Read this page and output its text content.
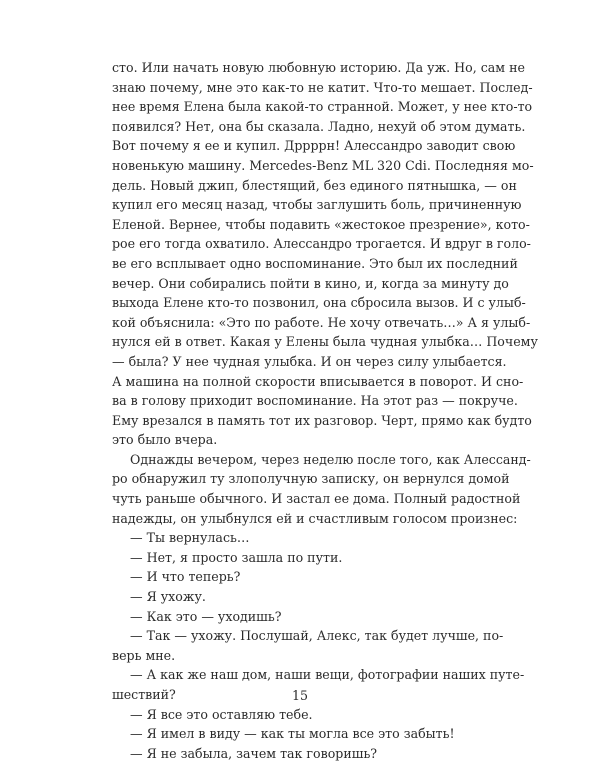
сто. Или начать новую любовную историю. Да уж. Но, сам не
знаю почему, мне это как-то не катит. Что-то мешает. Послед-
нее время Елена была какой-то странной. Может, у нее кто-то
появился? Нет, она бы сказала. Ладно, нехуй об этом думать.
Вот почему я ее и купил. Дррррн! Алессандро заводит свою
новенькую машину. Mercedes-Benz ML 320 Cdi. Последняя мо-
дель. Новый джип, блестящий, без единого пятнышка, — он
купил его месяц назад, чтобы заглушить боль, причиненную
Еленой. Вернее, чтобы подавить «жестокое презрение», кото-
рое его тогда охватило. Алессандро трогается. И вдруг в голо-
ве его всплывает одно воспоминание. Это был их последний
вечер. Они собирались пойти в кино, и, когда за минуту до
выхода Елене кто-то позвонил, она сбросила вызов. И с улыб-
кой объяснила: «Это по работе. Не хочу отвечать…» А я улыб-
нулся ей в ответ. Какая у Елены была чудная улыбка… Почему
— была? У нее чудная улыбка. И он через силу улыбается.
А машина на полной скорости вписывается в поворот. И сно-
ва в голову приходит воспоминание. На этот раз — покруче.
Ему врезался в память тот их разговор. Черт, прямо как будто
это было вчера.
Однажды вечером, через неделю после того, как Алессанд-
ро обнаружил ту злополучную записку, он вернулся домой
чуть раньше обычного. И застал ее дома. Полный радостной
надежды, он улыбнулся ей и счастливым голосом произнес:
— Ты вернулась…
— Нет, я просто зашла по пути.
— И что теперь?
— Я ухожу.
— Как это — уходишь?
— Так — ухожу. Послушай, Алекс, так будет лучше, по-
верь мне.
— А как же наш дом, наши вещи, фотографии наших путе-
шествий?
— Я все это оставляю тебе.
— Я имел в виду — как ты могла все это забыть!
— Я не забыла, зачем так говоришь?
15
